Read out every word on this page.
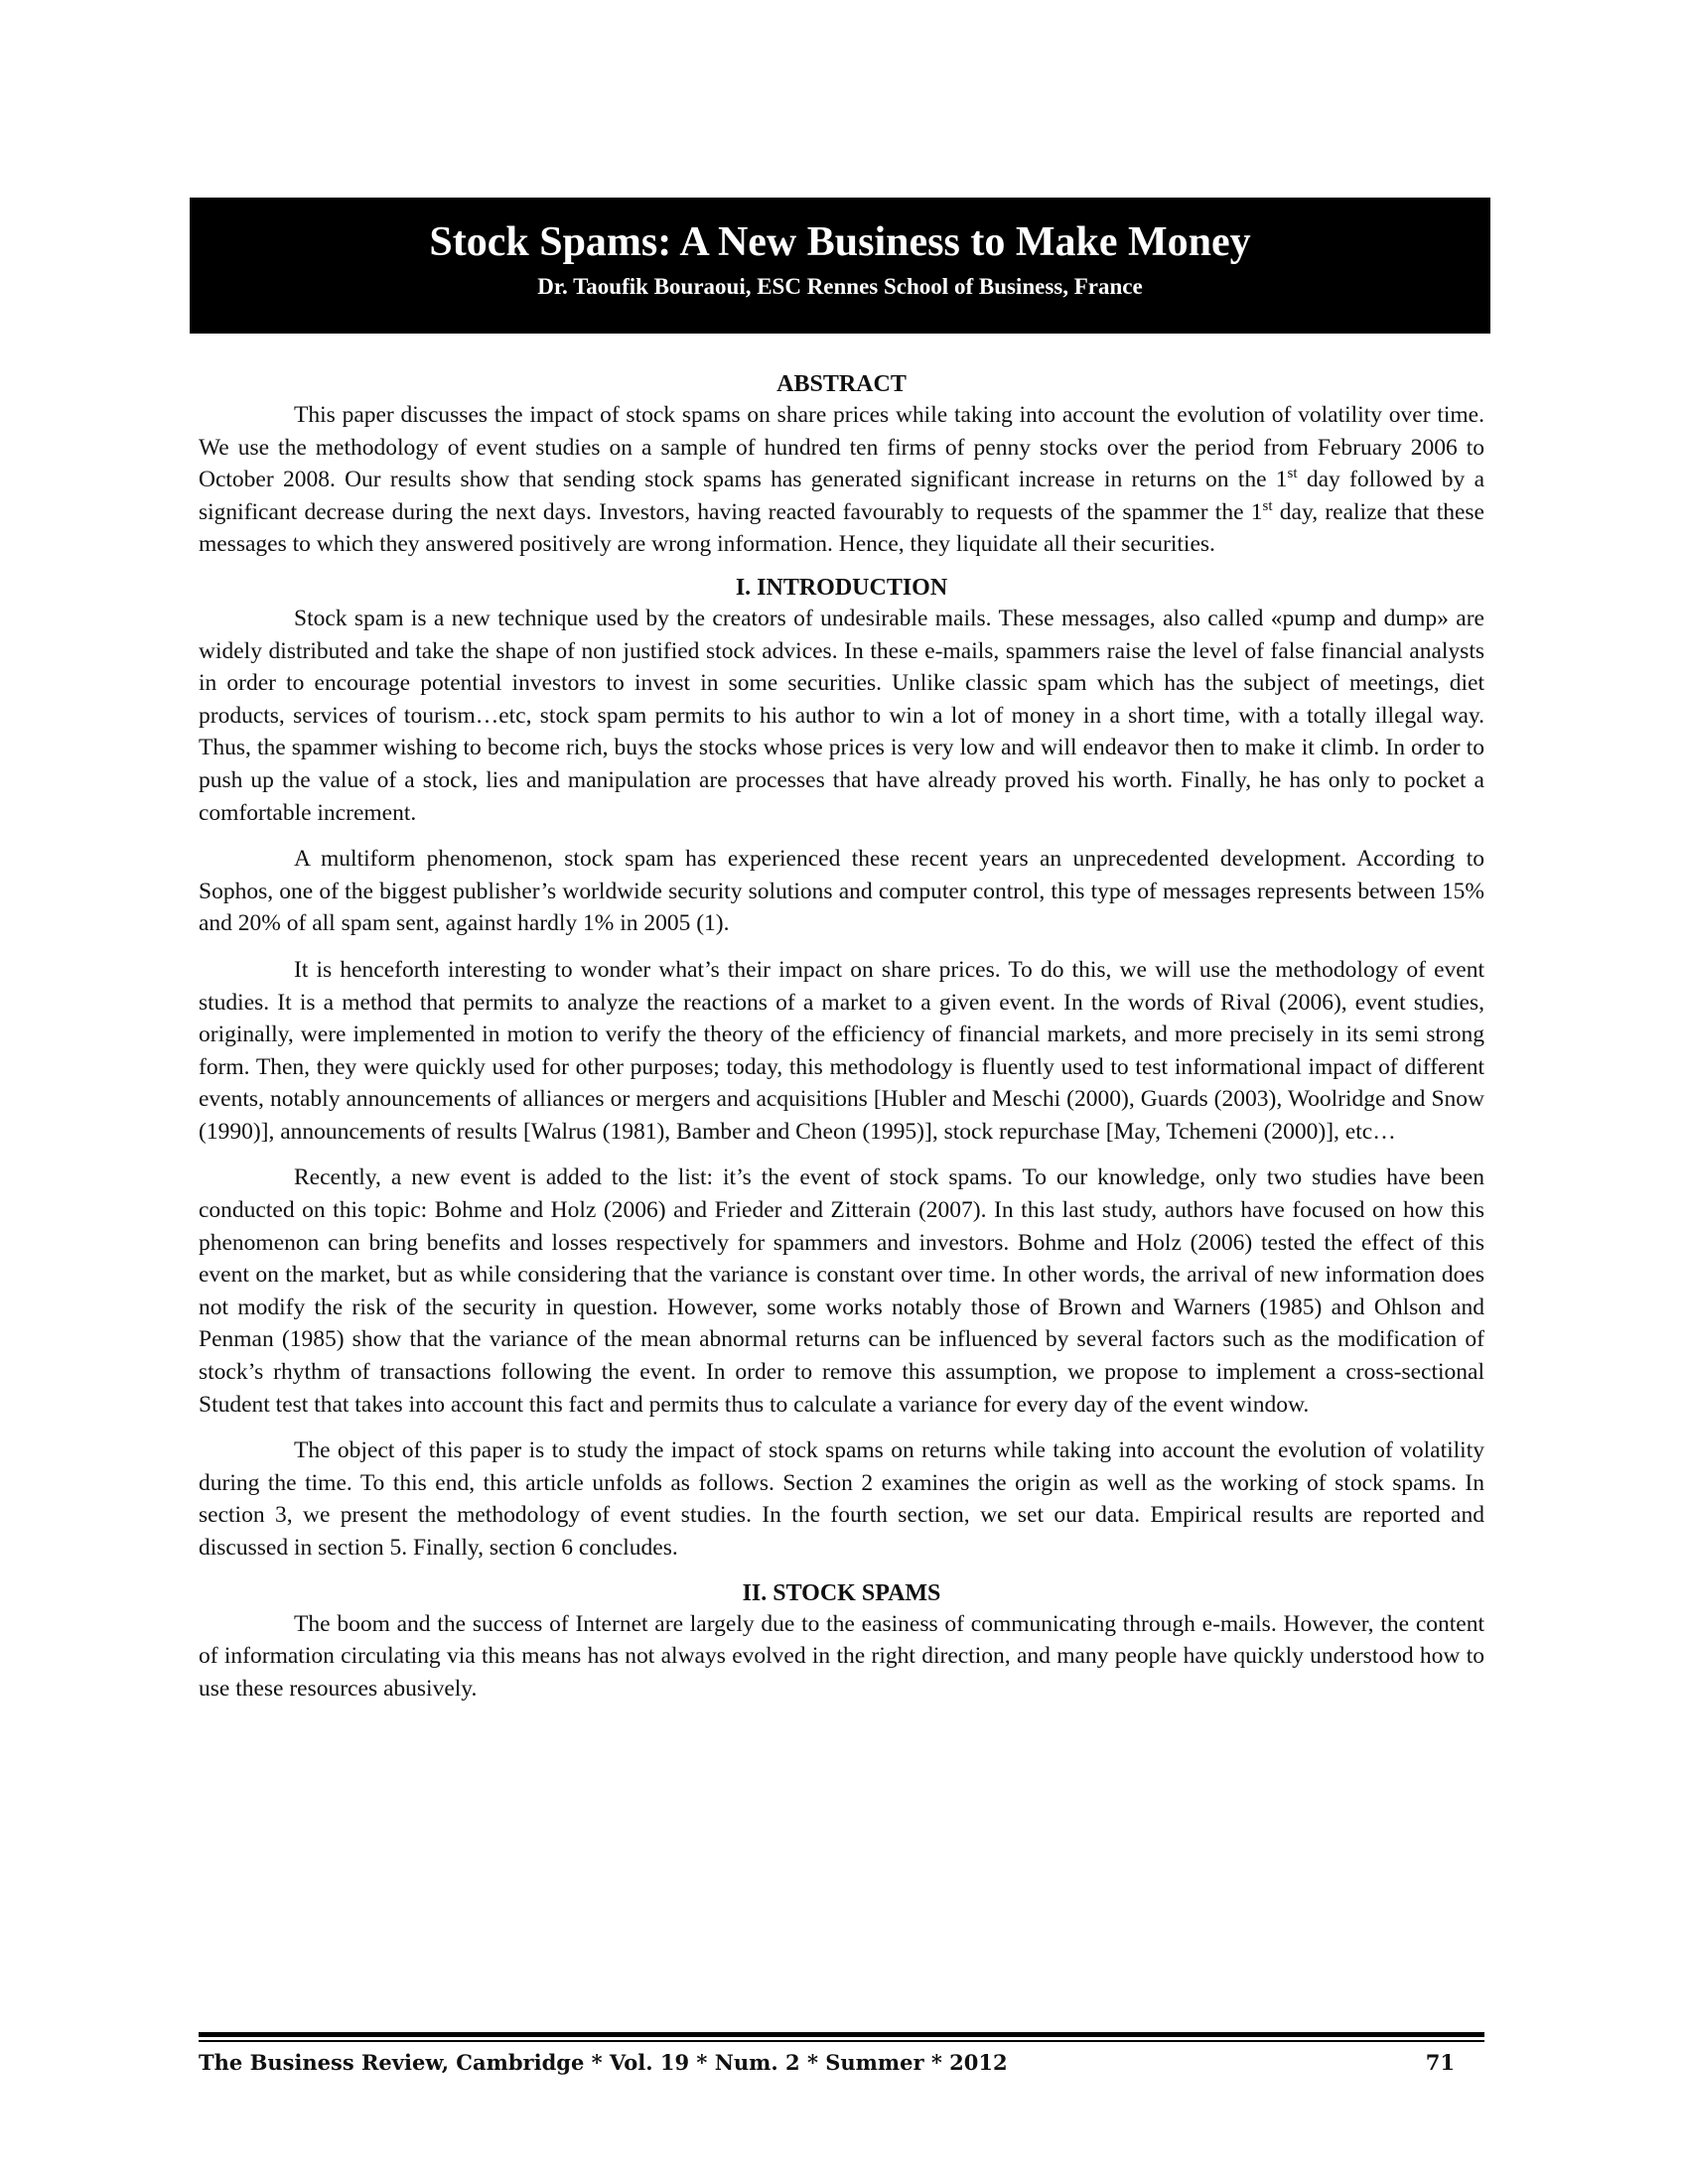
Stock Spams: A New Business to Make Money
Dr. Taoufik Bouraoui, ESC Rennes School of Business, France
ABSTRACT

This paper discusses the impact of stock spams on share prices while taking into account the evolution of volatility over time. We use the methodology of event studies on a sample of hundred ten firms of penny stocks over the period from February 2006 to October 2008. Our results show that sending stock spams has generated significant increase in returns on the 1st day followed by a significant decrease during the next days. Investors, having reacted favourably to requests of the spammer the 1st day, realize that these messages to which they answered positively are wrong information. Hence, they liquidate all their securities.

I. INTRODUCTION

Stock spam is a new technique used by the creators of undesirable mails. These messages, also called «pump and dump» are widely distributed and take the shape of non justified stock advices. In these e-mails, spammers raise the level of false financial analysts in order to encourage potential investors to invest in some securities. Unlike classic spam which has the subject of meetings, diet products, services of tourism…etc, stock spam permits to his author to win a lot of money in a short time, with a totally illegal way. Thus, the spammer wishing to become rich, buys the stocks whose prices is very low and will endeavor then to make it climb. In order to push up the value of a stock, lies and manipulation are processes that have already proved his worth. Finally, he has only to pocket a comfortable increment.

A multiform phenomenon, stock spam has experienced these recent years an unprecedented development. According to Sophos, one of the biggest publisher’s worldwide security solutions and computer control, this type of messages represents between 15% and 20% of all spam sent, against hardly 1% in 2005 (1).

It is henceforth interesting to wonder what’s their impact on share prices. To do this, we will use the methodology of event studies. It is a method that permits to analyze the reactions of a market to a given event. In the words of Rival (2006), event studies, originally, were implemented in motion to verify the theory of the efficiency of financial markets, and more precisely in its semi strong form. Then, they were quickly used for other purposes; today, this methodology is fluently used to test informational impact of different events, notably announcements of alliances or mergers and acquisitions [Hubler and Meschi (2000), Guards (2003), Woolridge and Snow (1990)], announcements of results [Walrus (1981), Bamber and Cheon (1995)], stock repurchase [May, Tchemeni (2000)], etc…

Recently, a new event is added to the list: it’s the event of stock spams. To our knowledge, only two studies have been conducted on this topic: Bohme and Holz (2006) and Frieder and Zitterain (2007). In this last study, authors have focused on how this phenomenon can bring benefits and losses respectively for spammers and investors. Bohme and Holz (2006) tested the effect of this event on the market, but as while considering that the variance is constant over time. In other words, the arrival of new information does not modify the risk of the security in question. However, some works notably those of Brown and Warners (1985) and Ohlson and Penman (1985) show that the variance of the mean abnormal returns can be influenced by several factors such as the modification of stock’s rhythm of transactions following the event. In order to remove this assumption, we propose to implement a cross-sectional Student test that takes into account this fact and permits thus to calculate a variance for every day of the event window.

The object of this paper is to study the impact of stock spams on returns while taking into account the evolution of volatility during the time. To this end, this article unfolds as follows. Section 2 examines the origin as well as the working of stock spams. In section 3, we present the methodology of event studies. In the fourth section, we set our data. Empirical results are reported and discussed in section 5. Finally, section 6 concludes.

II. STOCK SPAMS

The boom and the success of Internet are largely due to the easiness of communicating through e-mails. However, the content of information circulating via this means has not always evolved in the right direction, and many people have quickly understood how to use these resources abusively.

The Business Review, Cambridge * Vol. 19 * Num. 2 * Summer * 2012	71
